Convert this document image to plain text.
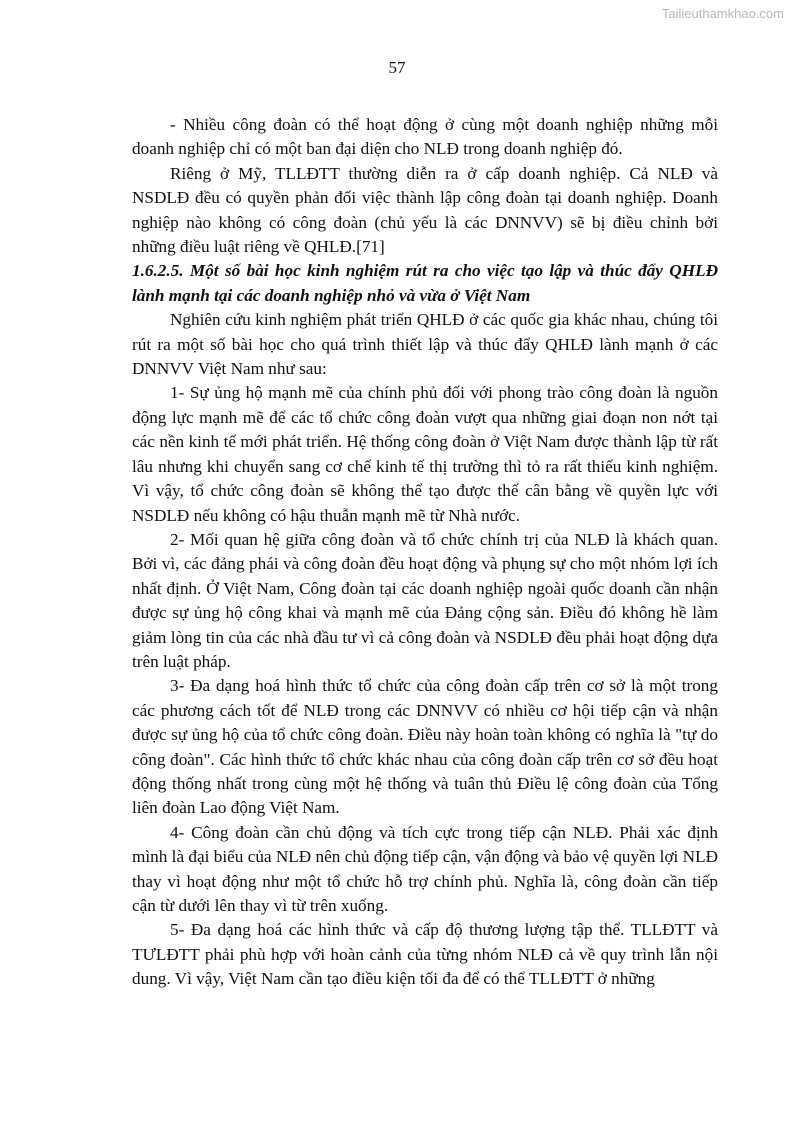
Tailieuthamkhao.com
57

- Nhiều công đoàn có thể hoạt động ở cùng một doanh nghiệp những mỗi doanh nghiệp chỉ có một ban đại diện cho NLĐ trong doanh nghiệp đó.

Riêng ở Mỹ, TLLĐTT thường diễn ra ở cấp doanh nghiệp. Cả NLĐ và NSDLĐ đều có quyền phản đối việc thành lập công đoàn tại doanh nghiệp. Doanh nghiệp nào không có công đoàn (chủ yếu là các DNNVV) sẽ bị điều chỉnh bởi những điều luật riêng về QHLĐ.[71]

1.6.2.5. Một số bài học kinh nghiệm rút ra cho việc tạo lập và thúc đẩy QHLĐ lành mạnh tại các doanh nghiệp nhỏ và vừa ở Việt Nam

Nghiên cứu kinh nghiệm phát triển QHLĐ ở các quốc gia khác nhau, chúng tôi rút ra một số bài học cho quá trình thiết lập và thúc đẩy QHLĐ lành mạnh ở các DNNVV Việt Nam như sau:

1- Sự ủng hộ mạnh mẽ của chính phủ đối với phong trào công đoàn là nguồn động lực mạnh mẽ để các tổ chức công đoàn vượt qua những giai đoạn non nớt tại các nền kinh tế mới phát triển. Hệ thống công đoàn ở Việt Nam được thành lập từ rất lâu nhưng khi chuyển sang cơ chế kinh tế thị trường thì tỏ ra rất thiếu kinh nghiệm. Vì vậy, tổ chức công đoàn sẽ không thể tạo được thế cân bằng về quyền lực với NSDLĐ nếu không có hậu thuẫn mạnh mẽ từ Nhà nước.

2- Mối quan hệ giữa công đoàn và tổ chức chính trị của NLĐ là khách quan. Bởi vì, các đảng phái và công đoàn đều hoạt động và phụng sự cho một nhóm lợi ích nhất định. Ở Việt Nam, Công đoàn tại các doanh nghiệp ngoài quốc doanh cần nhận được sự ủng hộ công khai và mạnh mẽ của Đảng cộng sản. Điều đó không hề làm giảm lòng tin của các nhà đầu tư vì cả công đoàn và NSDLĐ đều phải hoạt động dựa trên luật pháp.

3- Đa dạng hoá hình thức tổ chức của công đoàn cấp trên cơ sở là một trong các phương cách tốt để NLĐ trong các DNNVV có nhiều cơ hội tiếp cận và nhận được sự ủng hộ của tổ chức công đoàn. Điều này hoàn toàn không có nghĩa là "tự do công đoàn". Các hình thức tổ chức khác nhau của công đoàn cấp trên cơ sở đều hoạt động thống nhất trong cùng một hệ thống và tuân thủ Điều lệ công đoàn của Tổng liên đoàn Lao động Việt Nam.

4- Công đoàn cần chủ động và tích cực trong tiếp cận NLĐ. Phải xác định mình là đại biểu của NLĐ nên chủ động tiếp cận, vận động và bảo vệ quyền lợi NLĐ thay vì hoạt động như một tổ chức hỗ trợ chính phủ. Nghĩa là, công đoàn cần tiếp cận từ dưới lên thay vì từ trên xuống.

5- Đa dạng hoá các hình thức và cấp độ thương lượng tập thể. TLLĐTT và TƯLĐTT phải phù hợp với hoàn cảnh của từng nhóm NLĐ cả về quy trình lẫn nội dung. Vì vậy, Việt Nam cần tạo điều kiện tối đa để có thể TLLĐTT ở những
